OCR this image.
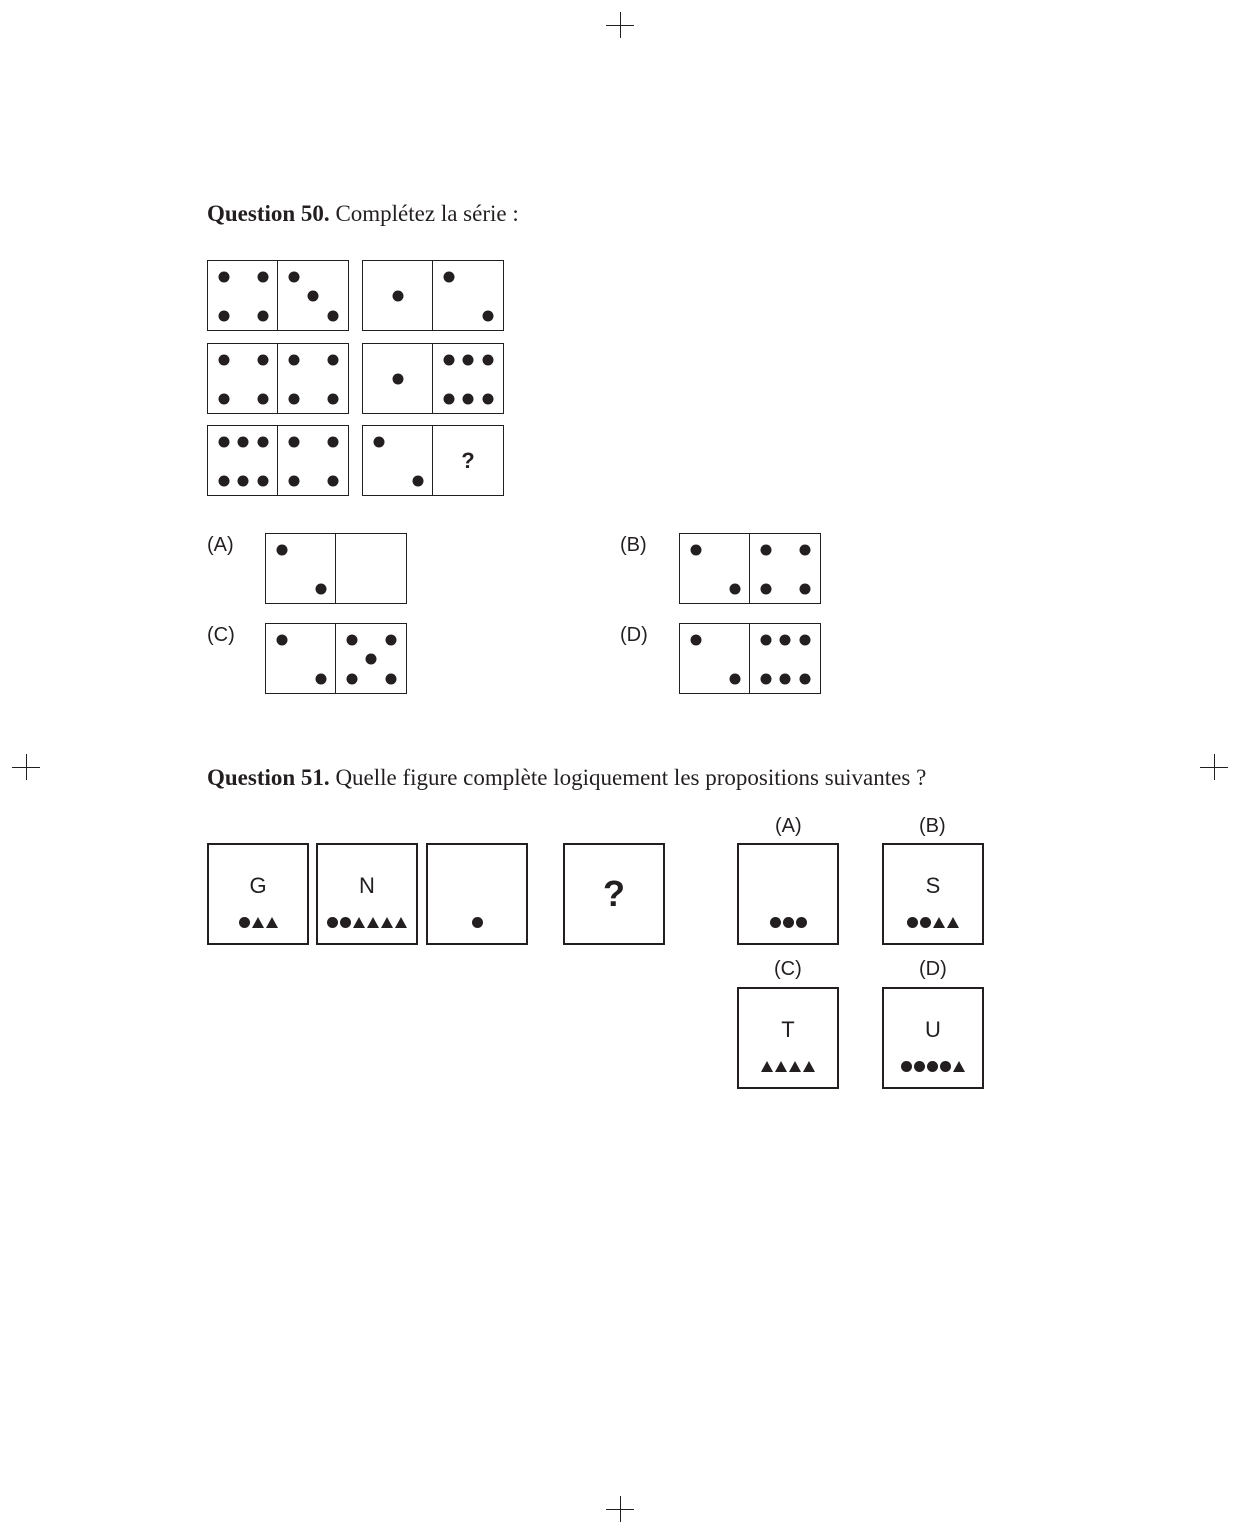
Question 50. Complétez la série :
?
(A)	(B)
(C)	(D)
Question 51. Quelle figure complète logiquement les propositions suivantes ?
G	N	?
(A)	(B)
S
(C)
T
(D)
U
